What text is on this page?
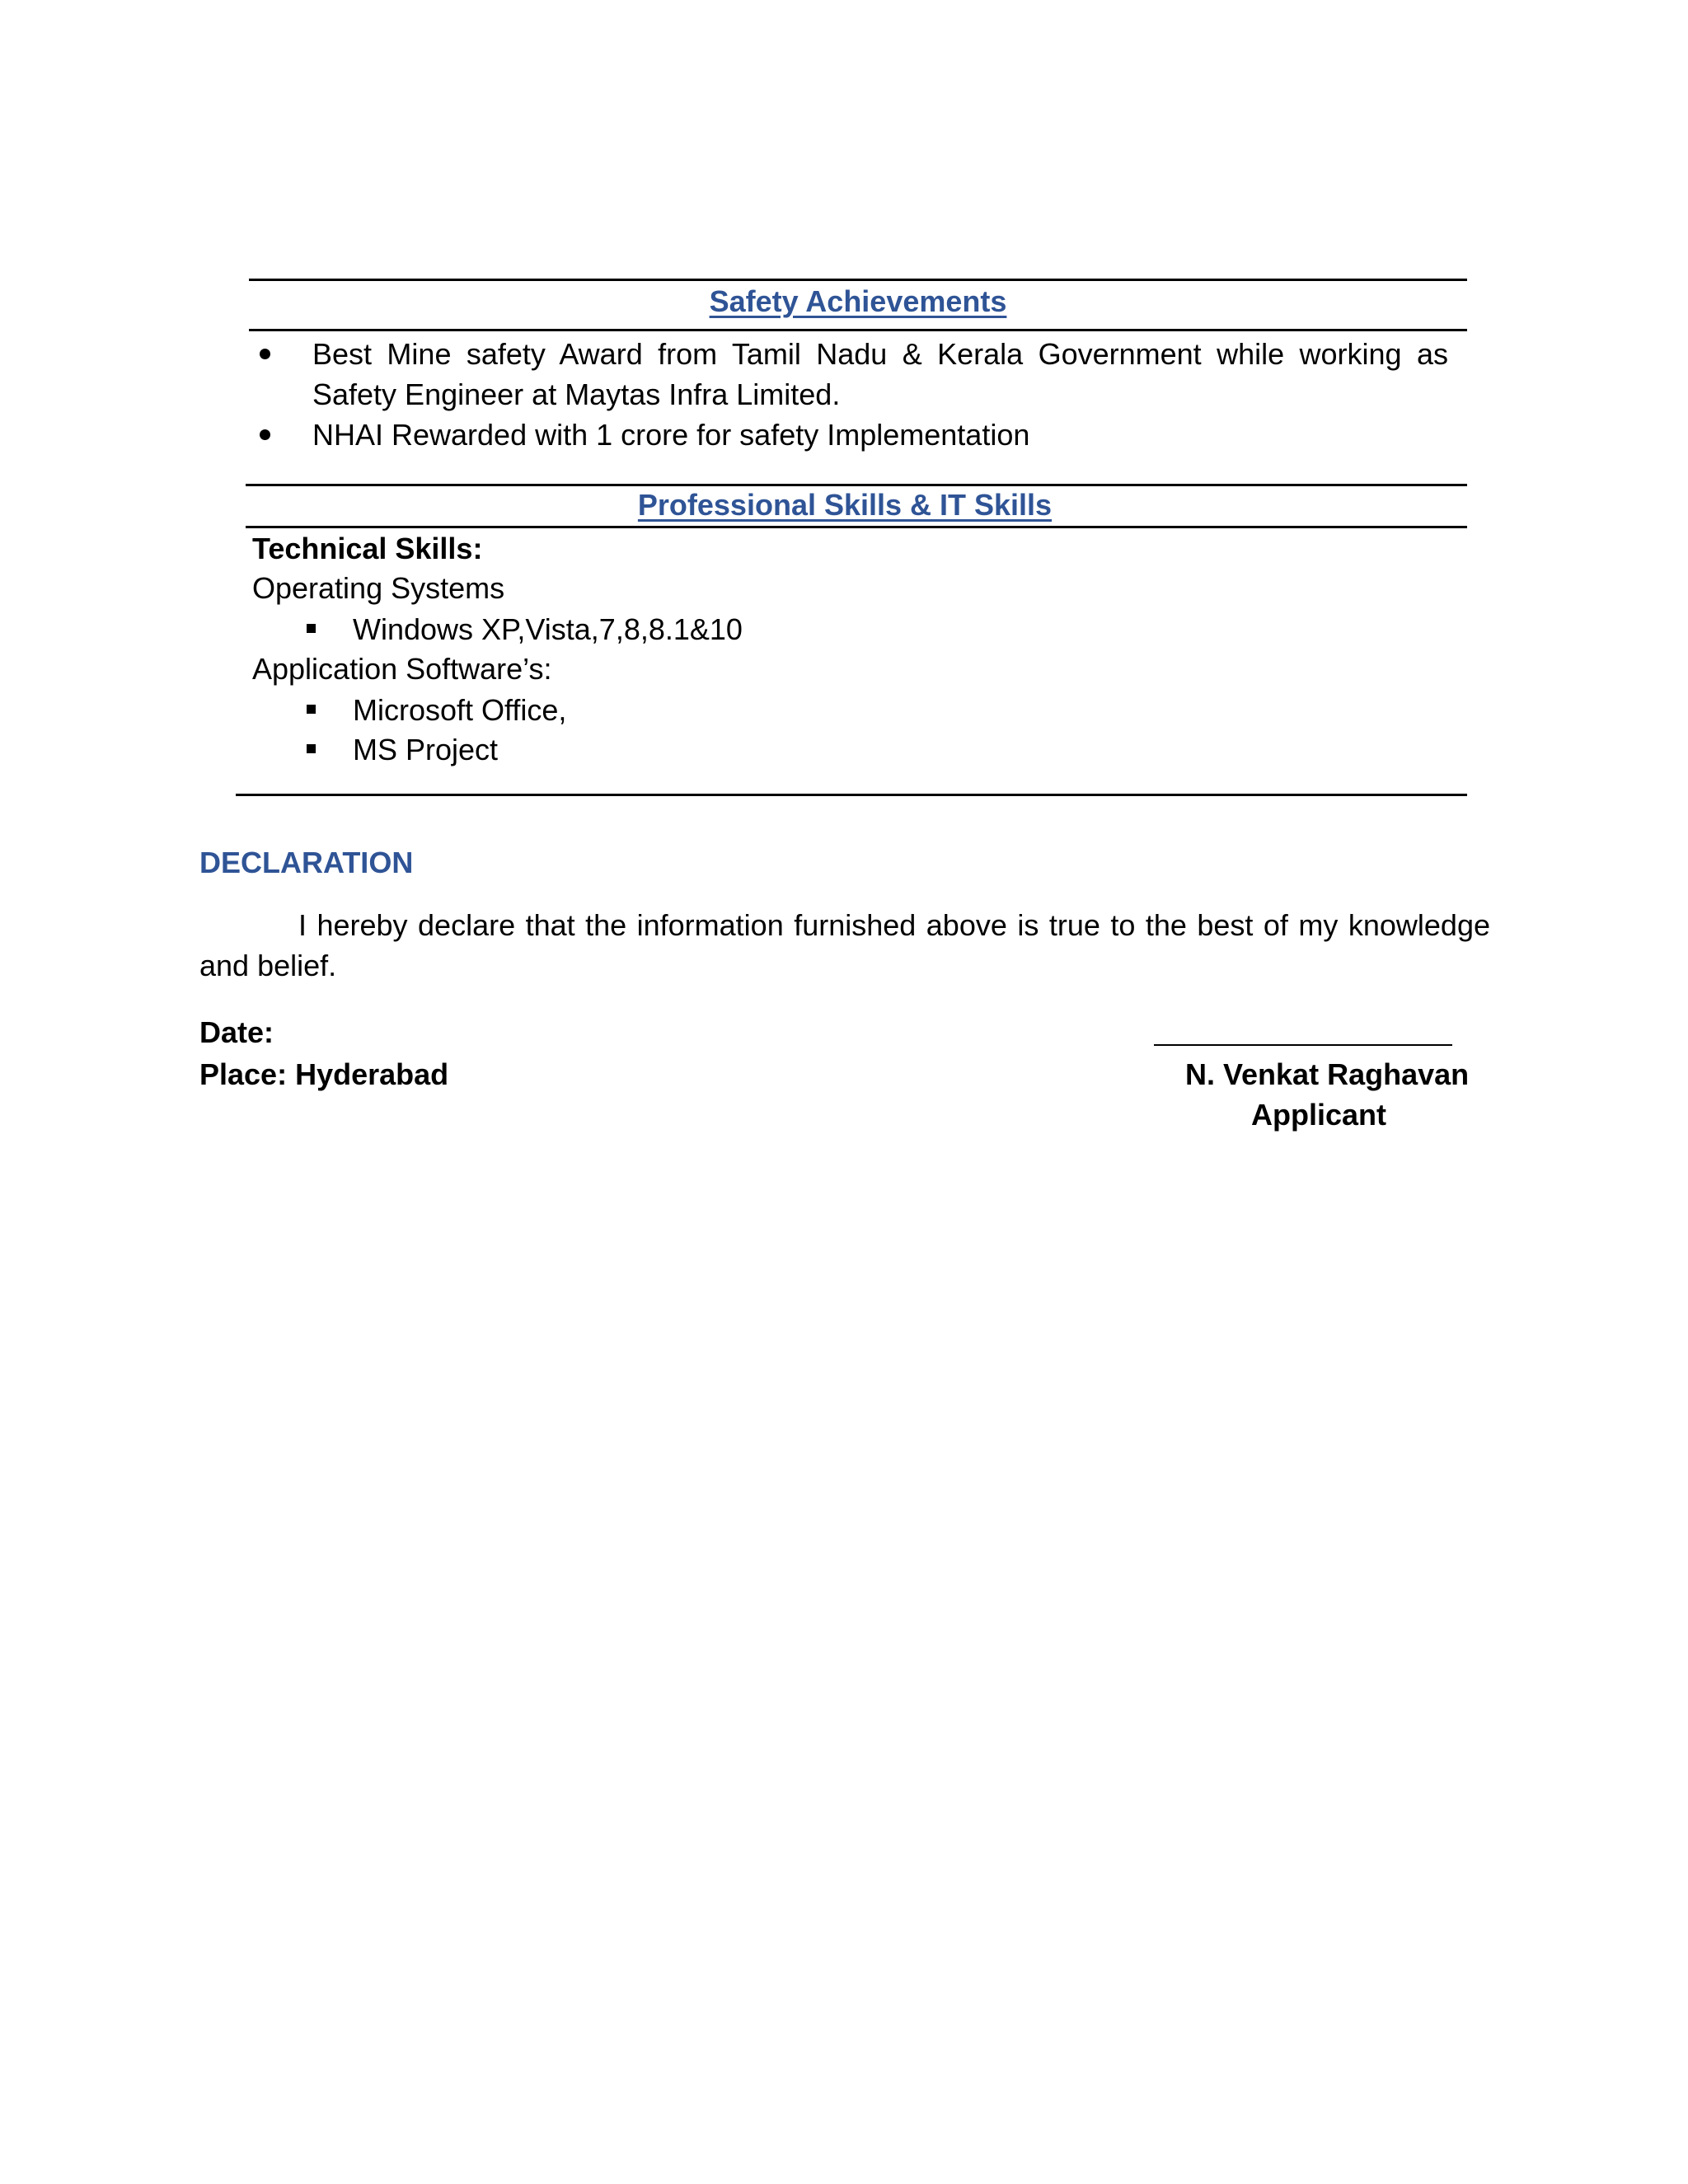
Safety Achievements
Best Mine safety Award from Tamil Nadu & Kerala Government while working as Safety Engineer at Maytas Infra Limited.
NHAI Rewarded with 1 crore for safety Implementation
Professional Skills & IT Skills
Technical Skills:
Operating Systems
Windows XP,Vista,7,8,8.1&10
Application Software’s:
Microsoft Office,
MS Project
DECLARATION
I hereby declare that the information furnished above is true to the best of my knowledge and belief.
Date:
Place: Hyderabad	N. Venkat Raghavan
Applicant
